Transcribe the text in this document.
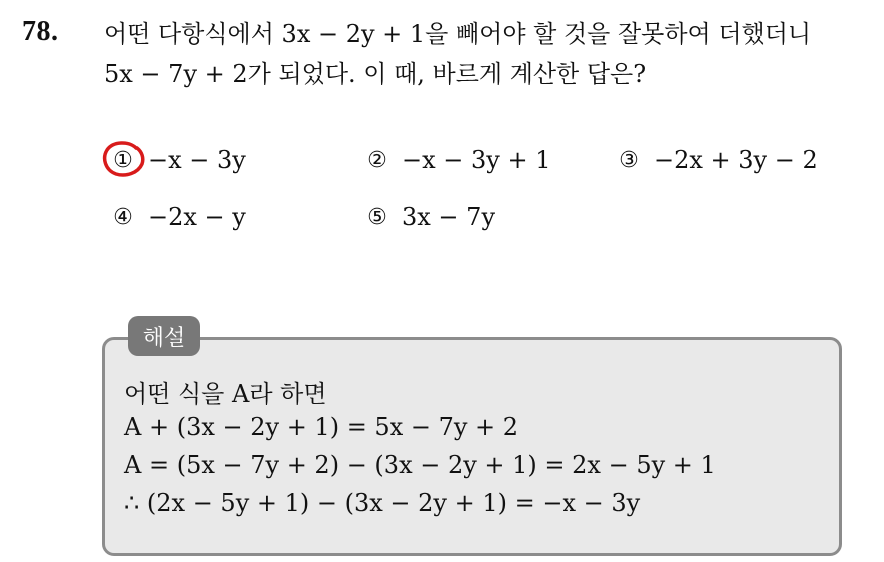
78. 어떤 다항식에서 3x − 2y + 1을 빼어야 할 것을 잘못하여 더했더니
5x − 7y + 2가 되었다. 이 때, 바르게 계산한 답은?
① −x − 3y	② −x − 3y + 1	③ −2x + 3y − 2
④ −2x − y	⑤ 3x − 7y
해설
어떤 식을 A라 하면
A + (3x − 2y + 1) = 5x − 7y + 2
A = (5x − 7y + 2) − (3x − 2y + 1) = 2x − 5y + 1
∴ (2x − 5y + 1) − (3x − 2y + 1) = −x − 3y
